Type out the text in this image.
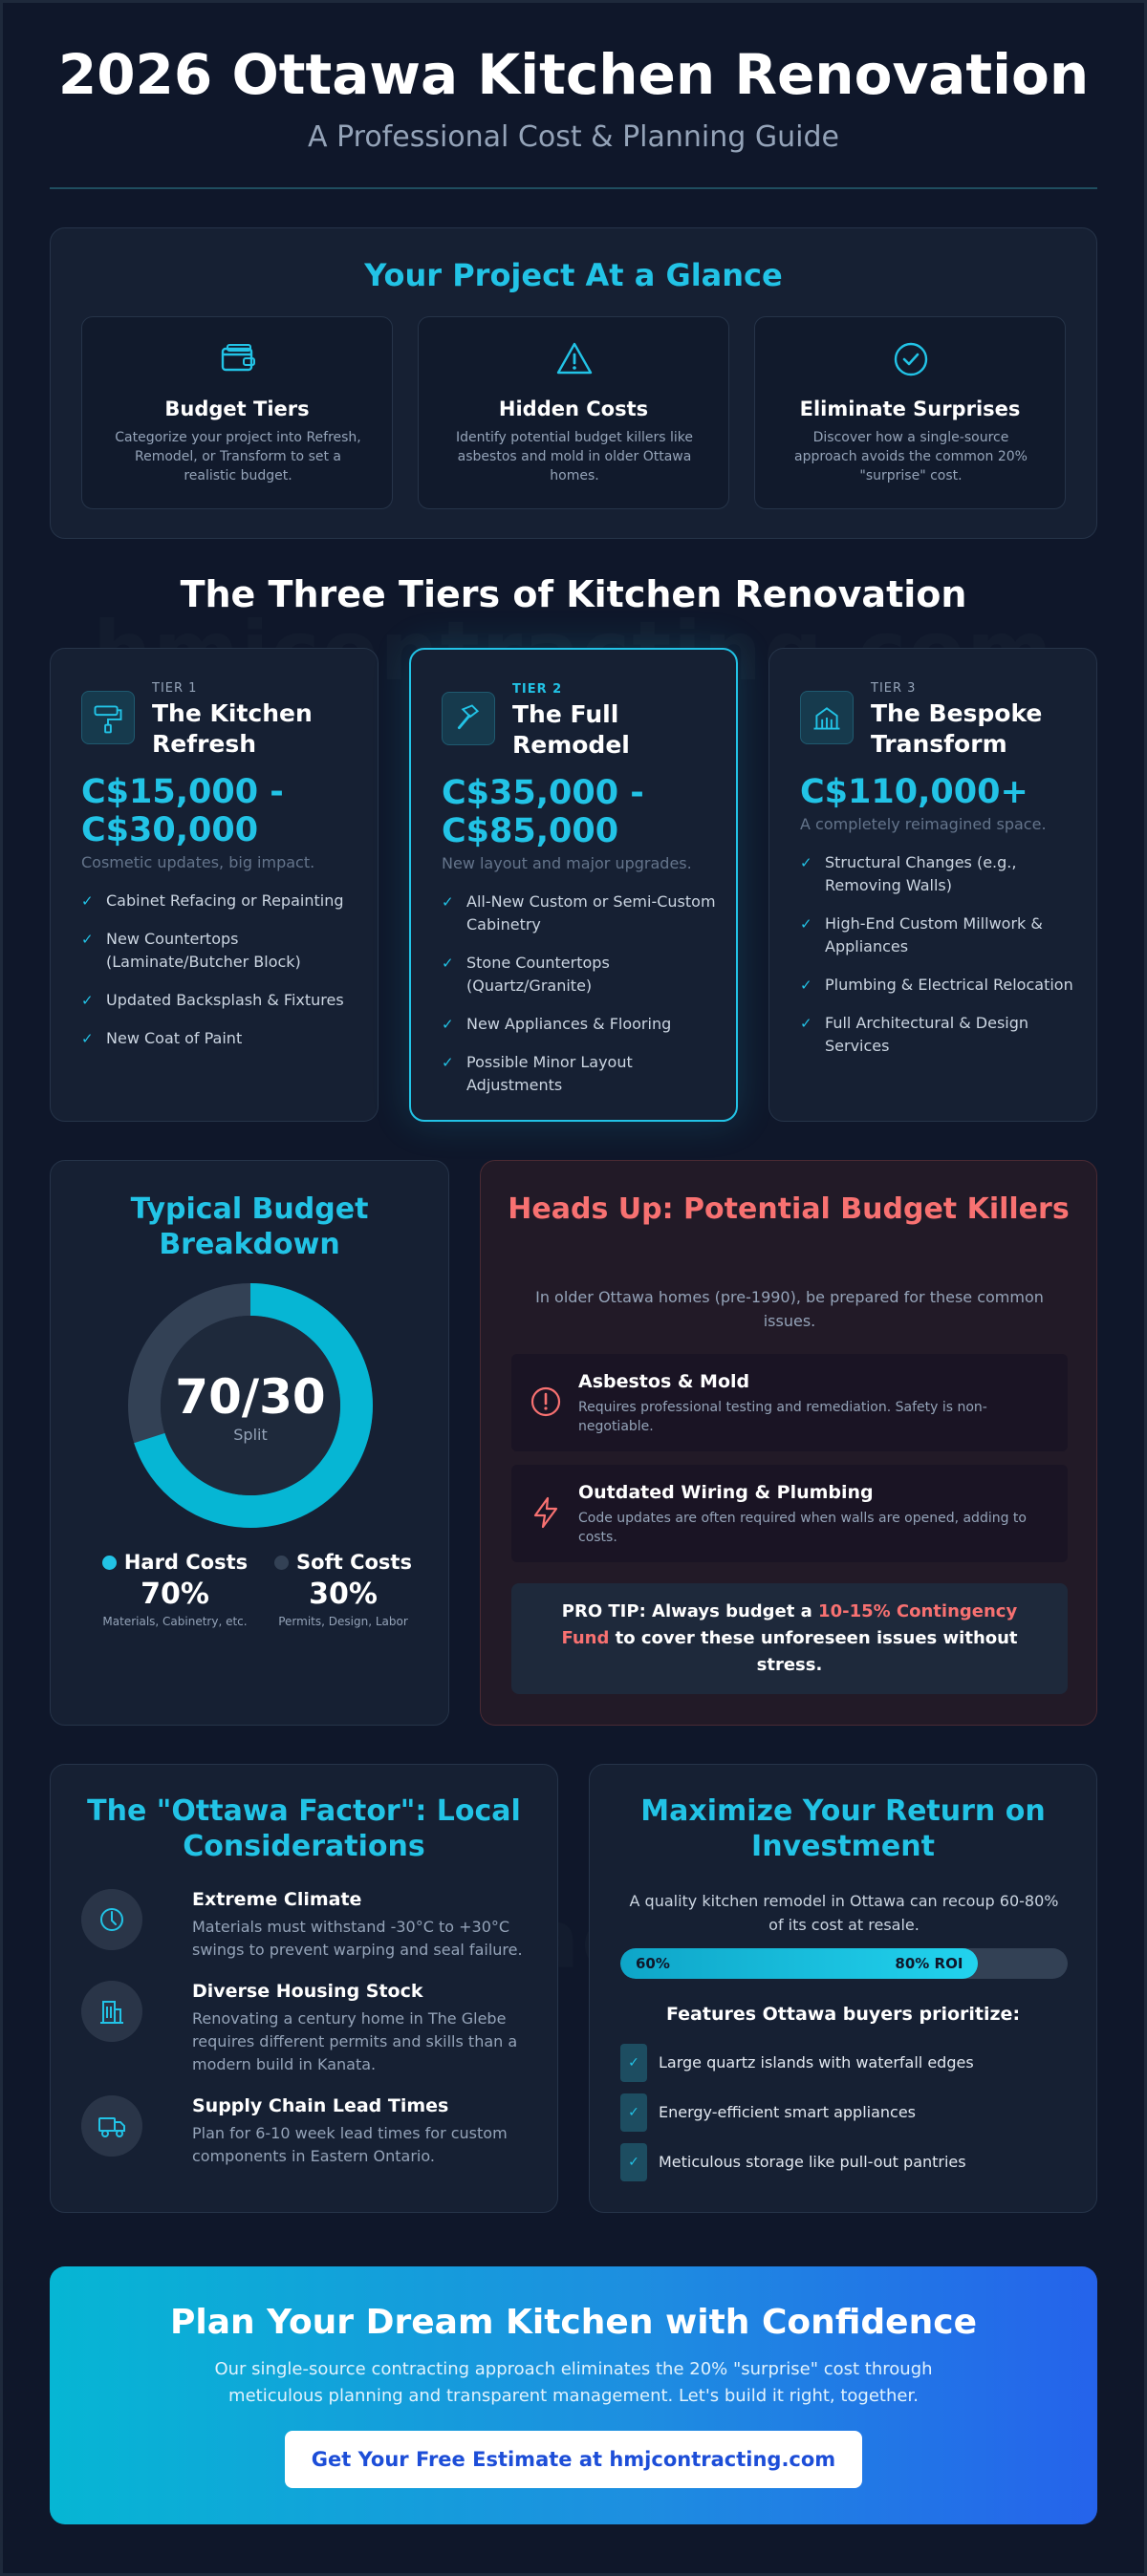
2026 Ottawa Kitchen Renovation
A Professional Cost & Planning Guide
Your Project At a Glance
Budget Tiers
Categorize your project into Refresh, Remodel, or Transform to set a realistic budget.
Hidden Costs
Identify potential budget killers like asbestos and mold in older Ottawa homes.
Eliminate Surprises
Discover how a single-source approach avoids the common 20% "surprise" cost.
The Three Tiers of Kitchen Renovation
TIER 1
The Kitchen Refresh
C$15,000 - C$30,000
Cosmetic updates, big impact.
✓ Cabinet Refacing or Repainting
✓ New Countertops (Laminate/Butcher Block)
✓ Updated Backsplash & Fixtures
✓ New Coat of Paint
TIER 2
The Full Remodel
C$35,000 - C$85,000
New layout and major upgrades.
✓ All-New Custom or Semi-Custom Cabinetry
✓ Stone Countertops (Quartz/Granite)
✓ New Appliances & Flooring
✓ Possible Minor Layout Adjustments
TIER 3
The Bespoke Transform
C$110,000+
A completely reimagined space.
✓ Structural Changes (e.g., Removing Walls)
✓ High-End Custom Millwork & Appliances
✓ Plumbing & Electrical Relocation
✓ Full Architectural & Design Services
Typical Budget Breakdown
70/30
Split
Hard Costs
70%
Materials, Cabinetry, etc.
Soft Costs
30%
Permits, Design, Labor
Heads Up: Potential Budget Killers
In older Ottawa homes (pre-1990), be prepared for these common issues.
Asbestos & Mold
Requires professional testing and remediation. Safety is non-negotiable.
Outdated Wiring & Plumbing
Code updates are often required when walls are opened, adding to costs.
PRO TIP: Always budget a 10-15% Contingency Fund to cover these unforeseen issues without stress.
The "Ottawa Factor": Local Considerations
Extreme Climate
Materials must withstand -30°C to +30°C swings to prevent warping and seal failure.
Diverse Housing Stock
Renovating a century home in The Glebe requires different permits and skills than a modern build in Kanata.
Supply Chain Lead Times
Plan for 6-10 week lead times for custom components in Eastern Ontario.
Maximize Your Return on Investment
A quality kitchen remodel in Ottawa can recoup 60-80% of its cost at resale.
60%	80% ROI
Features Ottawa buyers prioritize:
✓	Large quartz islands with waterfall edges
✓	Energy-efficient smart appliances
✓	Meticulous storage like pull-out pantries
Plan Your Dream Kitchen with Confidence
Our single-source contracting approach eliminates the 20% "surprise" cost through meticulous planning and transparent management. Let's build it right, together.
Get Your Free Estimate at hmjcontracting.com
